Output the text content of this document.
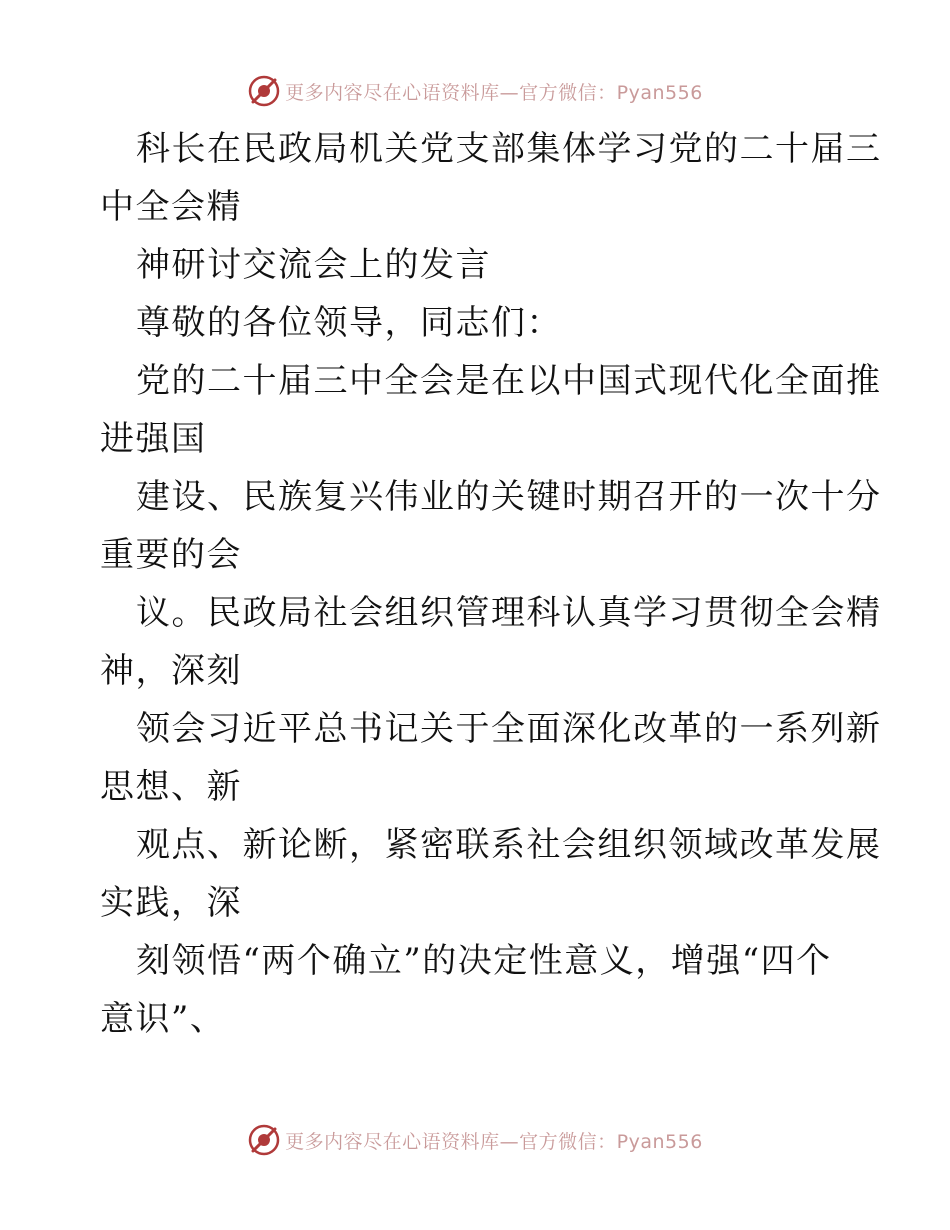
更多内容尽在心语资料库—官方微信：Pyan556
科长在民政局机关党支部集体学习党的二十届三
中全会精
神研讨交流会上的发言
尊敬的各位领导，同志们：
党的二十届三中全会是在以中国式现代化全面推
进强国
建设、民族复兴伟业的关键时期召开的一次十分
重要的会
议。民政局社会组织管理科认真学习贯彻全会精
神，深刻
领会习近平总书记关于全面深化改革的一系列新
思想、新
观点、新论断，紧密联系社会组织领域改革发展
实践，深
刻领悟“两个确立”的决定性意义，增强“四个
意识”、
更多内容尽在心语资料库—官方微信：Pyan556
